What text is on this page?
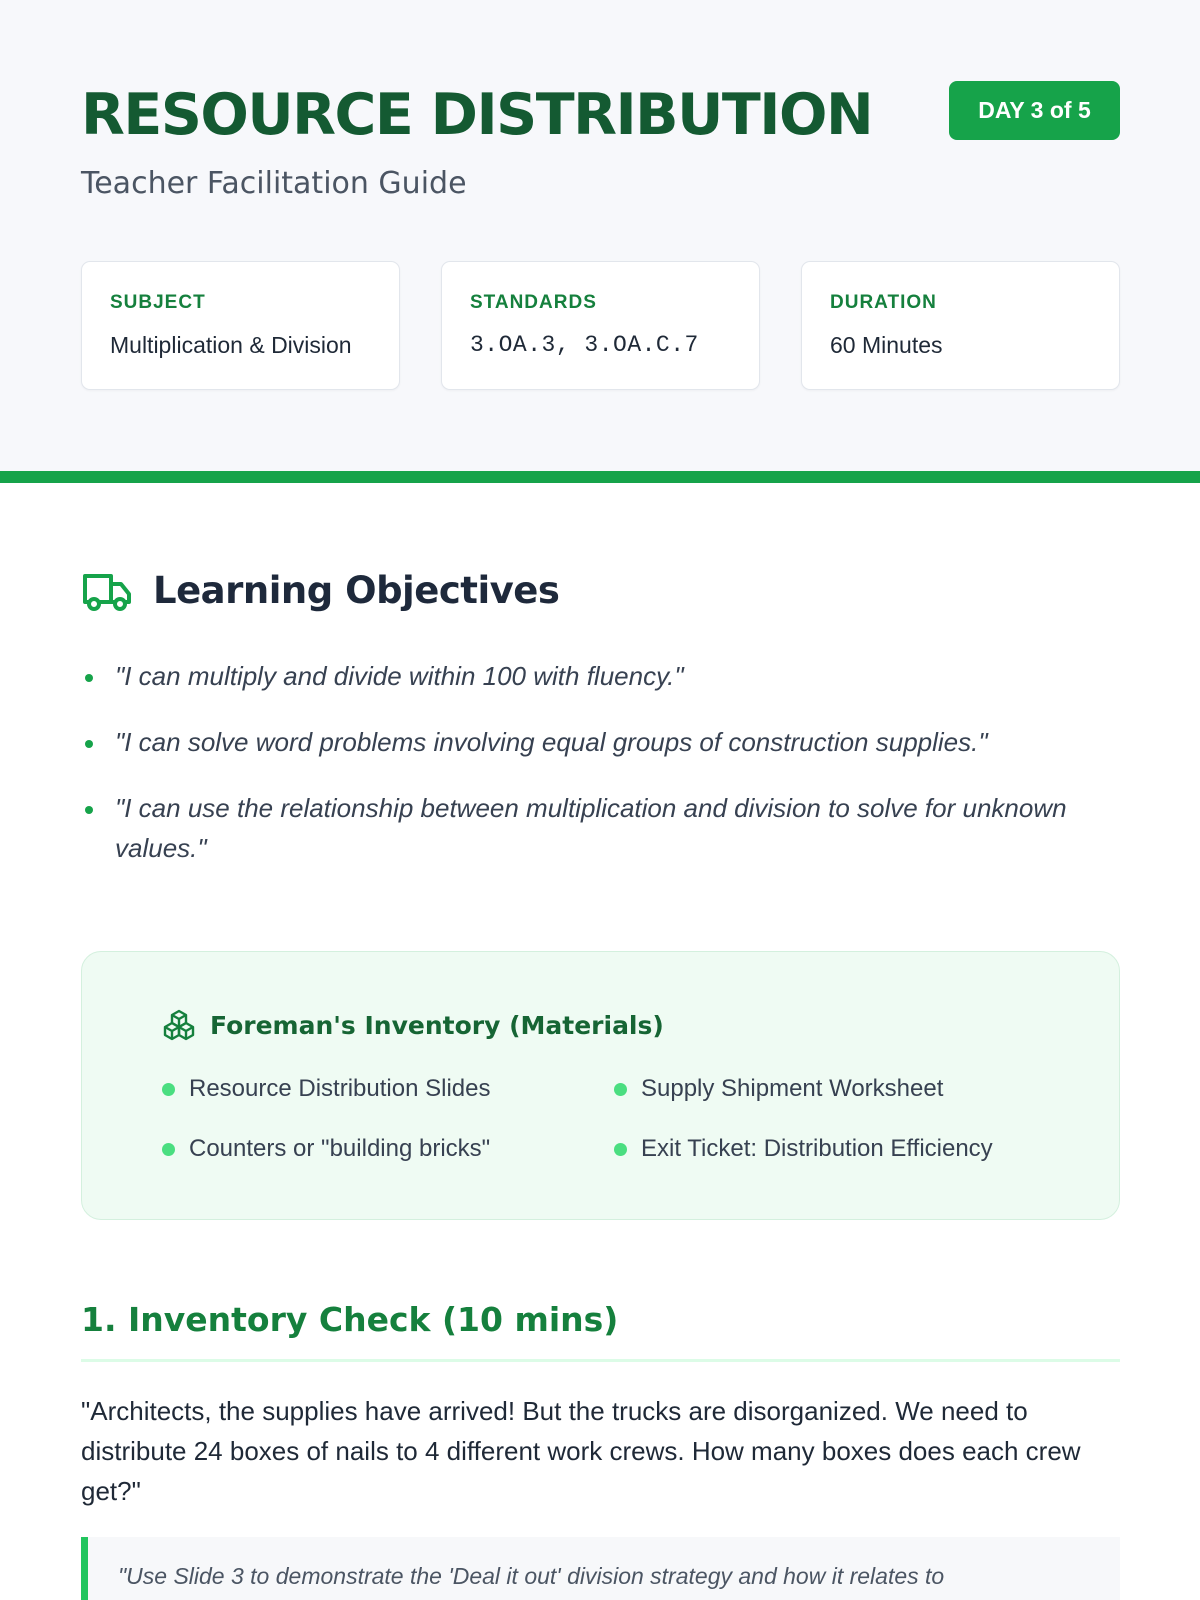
RESOURCE DISTRIBUTION
Teacher Facilitation Guide
DAY 3 of 5
SUBJECT
Multiplication & Division
STANDARDS
3.OA.3, 3.OA.C.7
DURATION
60 Minutes
Learning Objectives
"I can multiply and divide within 100 with fluency."
"I can solve word problems involving equal groups of construction supplies."
"I can use the relationship between multiplication and division to solve for unknown values."
Foreman's Inventory (Materials)
Resource Distribution Slides	Supply Shipment Worksheet
Counters or "building bricks"	Exit Ticket: Distribution Efficiency
1. Inventory Check (10 mins)

"Architects, the supplies have arrived! But the trucks are disorganized. We need to distribute 24 boxes of nails to 4 different work crews. How many boxes does each crew get?"

"Use Slide 3 to demonstrate the 'Deal it out' division strategy and how it relates to
